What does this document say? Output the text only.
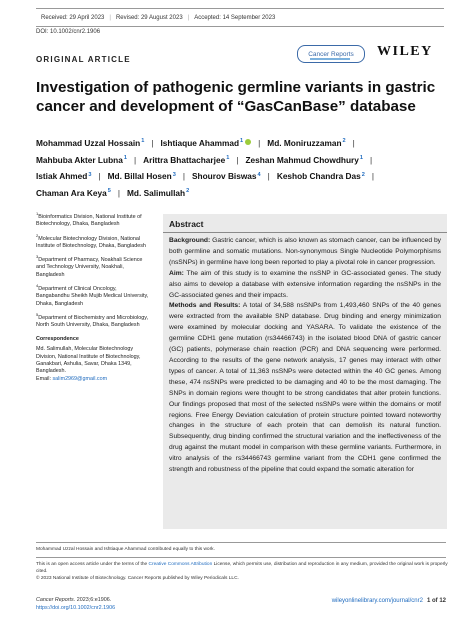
Received: 29 April 2023 | Revised: 29 August 2023 | Accepted: 14 September 2023
DOI: 10.1002/cnr2.1906
ORIGINAL ARTICLE
Cancer Reports WILEY
Investigation of pathogenic germline variants in gastric cancer and development of “GasCanBase” database
Mohammad Uzzal Hossain$^1$ | Ishtiaque Ahammad$^1$ | Md. Moniruzzaman$^2$ |
Mahbuba Akter Lubna$^1$ | Arittra Bhattacharjee$^1$ | Zeshan Mahmud Chowdhury$^1$ |
Istiak Ahmed$^3$ | Md. Billal Hosen$^3$ | Shourov Biswas$^4$ | Keshob Chandra Das$^2$ |
Chaman Ara Keya$^5$ | Md. Salimullah$^2$

$^1$Bioinformatics Division, National Institute of Biotechnology, Dhaka, Bangladesh

$^2$Molecular Biotechnology Division, National Institute of Biotechnology, Dhaka, Bangladesh

$^3$Department of Pharmacy, Noakhali Science and Technology University, Noakhali, Bangladesh

$^4$Department of Clinical Oncology, Bangabandhu Sheikh Mujib Medical University, Dhaka, Bangladesh

$^5$Department of Biochemistry and Microbiology, North South University, Dhaka, Bangladesh

Correspondence

Md. Salimullah, Molecular Biotechnology Division, National Institute of Biotechnology, Ganakbari, Ashulia, Savar, Dhaka 1349, Bangladesh.
Email: salim2969@gmail.com

Abstract

Background: Gastric cancer, which is also known as stomach cancer, can be influenced by both germline and somatic mutations. Non-synonymous Single Nucleotide Polymorphisms (nsSNPs) in germline have long been reported to play a pivotal role in cancer progression.

Aim: The aim of this study is to examine the nsSNP in GC-associated genes. The study also aims to develop a database with extensive information regarding the nsSNPs in the GC-associated genes and their impacts.

Methods and Results: A total of 34,588 nsSNPs from 1,493,460 SNPs of the 40 genes were extracted from the available SNP database. Drug binding and energy minimization were examined by molecular docking and YASARA. To validate the existence of the germline CDH1 gene mutation (rs34466743) in the isolated blood DNA of gastric cancer (GC) patients, polymerase chain reaction (PCR) and DNA sequencing were performed. According to the results of the gene network analysis, 17 genes may interact with other types of cancer. A total of 11,363 nsSNPs were detected within the 40 GC genes. Among these, 474 nsSNPs were predicted to be damaging and 40 to be the most damaging. The SNPs in domain regions were thought to be strong candidates that alter protein functions. Our findings proposed that most of the selected nsSNPs were within the domains or motif regions. Free Energy Deviation calculation of protein structure pointed toward noteworthy changes in the structure of each protein that can demolish its natural function. Subsequently, drug binding confirmed the structural variation and the ineffectiveness of the drug against the mutant model in comparison with these germline variants. Furthermore, in vitro analysis of the rs34466743 germline variant from the CDH1 gene confirmed the strength and robustness of the pipeline that could expand the somatic alteration for

Mohammad Uzzal Hossain and Ishtiaque Ahammad contributed equally to this work.
This is an open access article under the terms of the Creative Commons Attribution License, which permits use, distribution and reproduction in any medium, provided the original work is properly cited.
© 2023 National Institute of Biotechnology. Cancer Reports published by Wiley Periodicals LLC.
Cancer Reports. 2023;6:e1906.
https://doi.org/10.1002/cnr2.1906
wileyonlinelibrary.com/journal/cnr2 1 of 12
